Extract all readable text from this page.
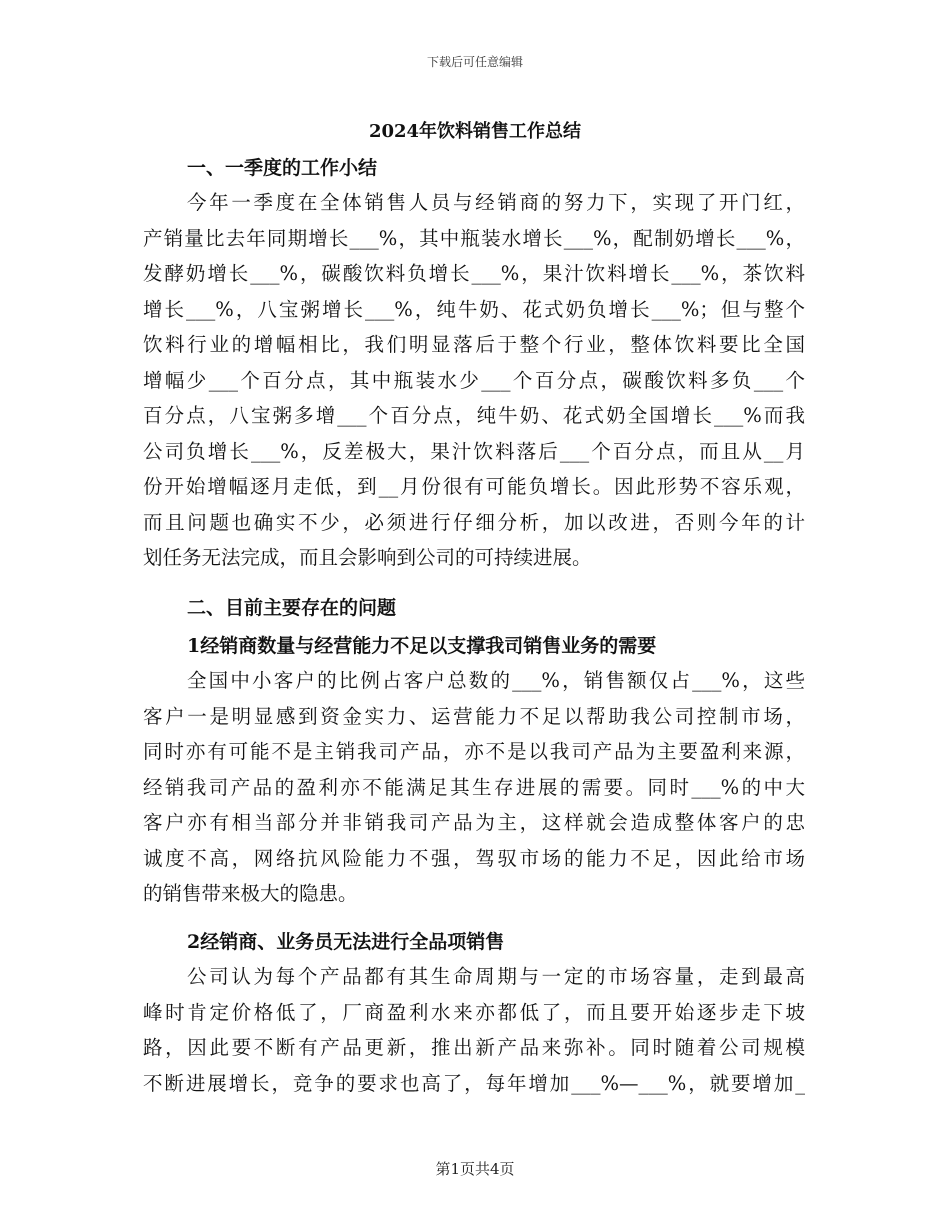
下载后可任意编辑
2024年饮料销售工作总结
一、一季度的工作小结
今年一季度在全体销售人员与经销商的努力下，实现了开门红，
产销量比去年同期增长___%，其中瓶装水增长___%，配制奶增长___%，
发酵奶增长___%，碳酸饮料负增长___%，果汁饮料增长___%，茶饮料
增长___%，八宝粥增长___%，纯牛奶、花式奶负增长___%；但与整个
饮料行业的增幅相比，我们明显落后于整个行业，整体饮料要比全国
增幅少___个百分点，其中瓶装水少___个百分点，碳酸饮料多负___个
百分点，八宝粥多增___个百分点，纯牛奶、花式奶全国增长___%而我
公司负增长___%，反差极大，果汁饮料落后___个百分点，而且从__月
份开始增幅逐月走低，到__月份很有可能负增长。因此形势不容乐观，
而且问题也确实不少，必须进行仔细分析，加以改进，否则今年的计
划任务无法完成，而且会影响到公司的可持续进展。
二、目前主要存在的问题
1经销商数量与经营能力不足以支撑我司销售业务的需要
全国中小客户的比例占客户总数的___%，销售额仅占___%，这些
客户一是明显感到资金实力、运营能力不足以帮助我公司控制市场，
同时亦有可能不是主销我司产品，亦不是以我司产品为主要盈利来源，
经销我司产品的盈利亦不能满足其生存进展的需要。同时___%的中大
客户亦有相当部分并非销我司产品为主，这样就会造成整体客户的忠
诚度不高，网络抗风险能力不强，驾驭市场的能力不足，因此给市场
的销售带来极大的隐患。
2经销商、业务员无法进行全品项销售
公司认为每个产品都有其生命周期与一定的市场容量，走到最高
峰时肯定价格低了，厂商盈利水来亦都低了，而且要开始逐步走下坡
路，因此要不断有产品更新，推出新产品来弥补。同时随着公司规模
不断进展增长，竞争的要求也高了，每年增加___%—___%，就要增加_
第1页共4页
